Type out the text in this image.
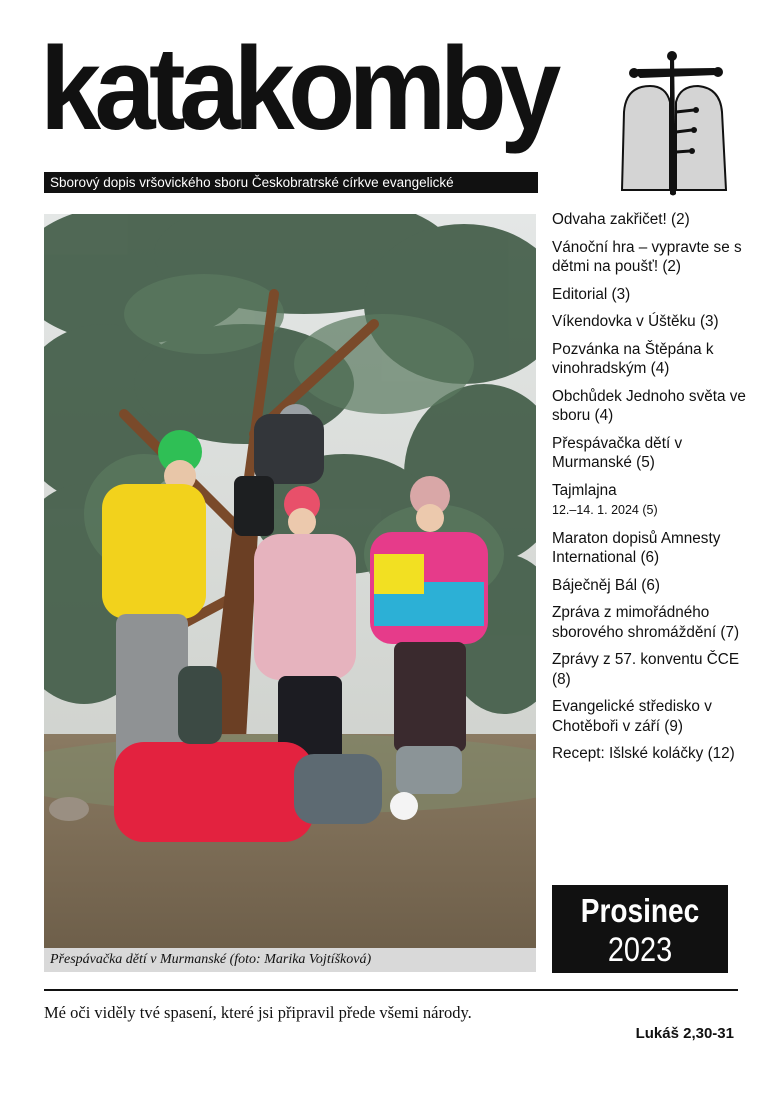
katakomby
Sborový dopis vršovického sboru Českobratrské církve evangelické
Přespávačka dětí v Murmanské (foto: Marika Vojtíšková)
Odvaha zakřičet! (2)
Vánoční hra – vypravte se s dětmi na poušť! (2)
Editorial (3)
Víkendovka v Úštěku (3)
Pozvánka na Štěpána k vinohradským (4)
Obchůdek Jednoho světa ve sboru (4)
Přespávačka dětí v Murmanské (5)
Tajmlajna
12.–14. 1. 2024 (5)
Maraton dopisů Amnesty International (6)
Báječněj Bál (6)
Zpráva z mimořádného sborového shromáždění (7)
Zprávy z 57. konventu ČCE (8)
Evangelické středisko v Chotěboři v září (9)
Recept: Išlské koláčky (12)
Prosinec
2023
Mé oči viděly tvé spasení, které jsi připravil přede všemi národy.
Lukáš 2,30-31
